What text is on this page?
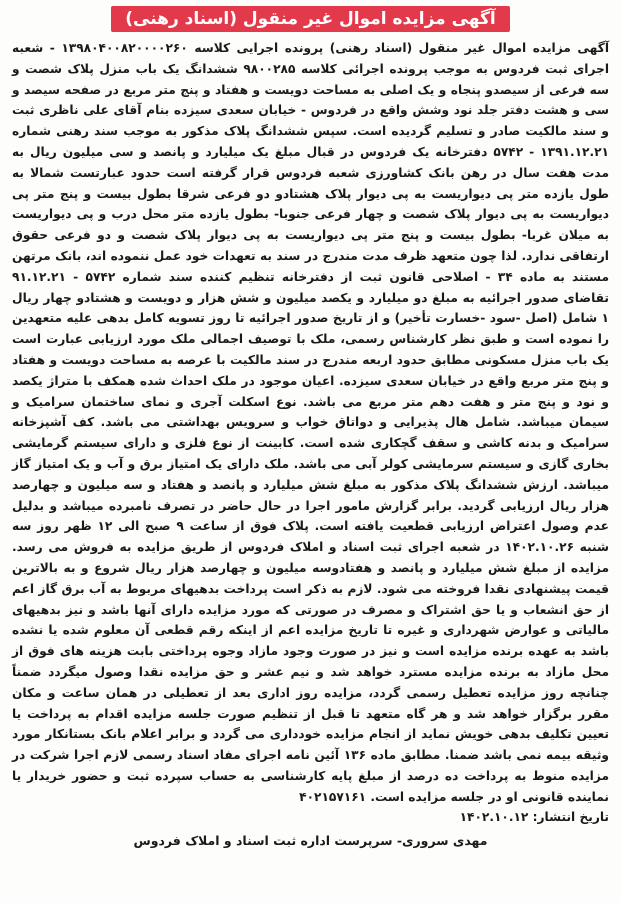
آگهی مزایده اموال غیر منقول (اسناد رهنی)

آگهی مزایده اموال غیر منقول (اسناد رهنی) پرونده اجرایی کلاسه ۱۳۹۸۰۴۰۰۸۲۰۰۰۰۲۶۰ - شعبه اجرای ثبت فردوس به موجب پرونده اجرائی کلاسه ۹۸۰۰۲۸۵ ششدانگ یک باب منزل پلاک شصت و سه فرعی از سیصدو پنجاه و یک اصلی به مساحت دویست و هفتاد و پنج متر مربع در صفحه سیصد و سی و هشت دفتر جلد نود وشش واقع در فردوس - خیابان سعدی سیزده بنام آقای علی ناظری ثبت و سند مالکیت صادر و تسلیم گردیده است. سپس ششدانگ پلاک مذکور به موجب سند رهنی شماره ۱۳۹۱.۱۲.۲۱ - ۵۷۴۲ دفترخانه یک فردوس در قبال مبلغ یک میلیارد و پانصد و سی میلیون ریال به مدت هفت سال در رهن بانک کشاورزی شعبه فردوس قرار گرفته است حدود عبارتست شمالا به طول یازده متر پی دیواریست به پی دیوار پلاک هشتادو دو فرعی شرقا بطول بیست و پنج متر پی دیواریست به پی دیوار پلاک شصت و چهار فرعی جنوبا- بطول یازده متر محل درب و پی دیواریست به میلان غربا- بطول بیست و پنج متر پی دیواریست به پی دیوار پلاک شصت و دو فرعی حقوق ارتفاقی ندارد. لذا چون متعهد ظرف مدت مندرج در سند به تعهدات خود عمل ننموده اند، بانک مرتهن مستند به ماده ۳۴ - اصلاحی قانون ثبت از دفترخانه تنظیم کننده سند شماره ۵۷۴۲ - ۹۱.۱۲.۲۱ تقاضای صدور اجرائیه به مبلغ دو میلیارد و یکصد میلیون و شش هزار و دویست و هشتادو چهار ریال ۱ شامل (اصل -سود -خسارت تأخیر) و از تاریخ صدور اجرائیه تا روز تسویه کامل بدهی علیه متعهدین را نموده است و طبق نظر کارشناس رسمی، ملک با توصیف اجمالی ملک مورد ارزیابی عبارت است یک باب منزل مسکونی مطابق حدود اربعه مندرج در سند مالکیت با عرصه به مساحت دویست و هفتاد و پنج متر مربع واقع در خیابان سعدی سیزده. اعیان موجود در ملک احداث شده همکف با متراژ یکصد و نود و پنج متر و هفت دهم متر مربع می باشد. نوع اسکلت آجری و نمای ساختمان سرامیک و سیمان میباشد. شامل هال پذیرایی و دواتاق خواب و سرویس بهداشتی می باشد. کف آشپزخانه سرامیک و بدنه کاشی و سقف گچکاری شده است. کابینت از نوع فلزی و دارای سیستم گرمایشی بخاری گازی و سیستم سرمایشی کولر آبی می باشد. ملک دارای یک امتیاز برق و آب و یک امتیاز گاز میباشد. ارزش ششدانگ پلاک مذکور به مبلغ شش میلیارد و پانصد و هفتاد و سه میلیون و چهارصد هزار ریال ارزیابی گردید. برابر گزارش مامور اجرا در حال حاضر در تصرف نامبرده میباشد و بدلیل عدم وصول اعتراض ارزیابی قطعیت یافته است. پلاک فوق از ساعت ۹ صبح الی ۱۲ ظهر روز سه شنبه ۱۴۰۲.۱۰.۲۶ در شعبه اجرای ثبت اسناد و املاک فردوس از طریق مزایده به فروش می رسد. مزایده از مبلغ شش میلیارد و پانصد و هفتادوسه میلیون و چهارصد هزار ریال شروع و به بالاترین قیمت پیشنهادی نقدا فروخته می شود. لازم به ذکر است پرداخت بدهیهای مربوط به آب برق گاز اعم از حق انشعاب و یا حق اشتراک و مصرف در صورتی که مورد مزایده دارای آنها باشد و نیز بدهیهای مالیاتی و عوارض شهرداری و غیره تا تاریخ مزایده اعم از اینکه رقم قطعی آن معلوم شده یا نشده باشد به عهده برنده مزایده است و نیز در صورت وجود مازاد وجوه پرداختی بابت هزینه های فوق از محل مازاد به برنده مزایده مسترد خواهد شد و نیم عشر و حق مزایده نقدا وصول میگردد ضمناً چنانچه روز مزایده تعطیل رسمی گردد، مزایده روز اداری بعد از تعطیلی در همان ساعت و مکان مقرر برگزار خواهد شد و هر گاه متعهد تا قبل از تنظیم صورت جلسه مزایده اقدام به پرداخت یا تعیین تکلیف بدهی خویش نماید از انجام مزایده خودداری می گردد و برابر اعلام بانک بستانکار مورد وثیقه بیمه نمی باشد ضمنا. مطابق ماده ۱۳۶ آئین نامه اجرای مفاد اسناد رسمی لازم اجرا شرکت در مزایده منوط به پرداخت ده درصد از مبلغ پایه کارشناسی به حساب سپرده ثبت و حضور خریدار یا نماینده قانونی او در جلسه مزایده است. ۴۰۲۱۵۷۱۶۱

تاریخ انتشار: ۱۴۰۲.۱۰.۱۲
مهدی سروری- سرپرست اداره ثبت اسناد و املاک فردوس
